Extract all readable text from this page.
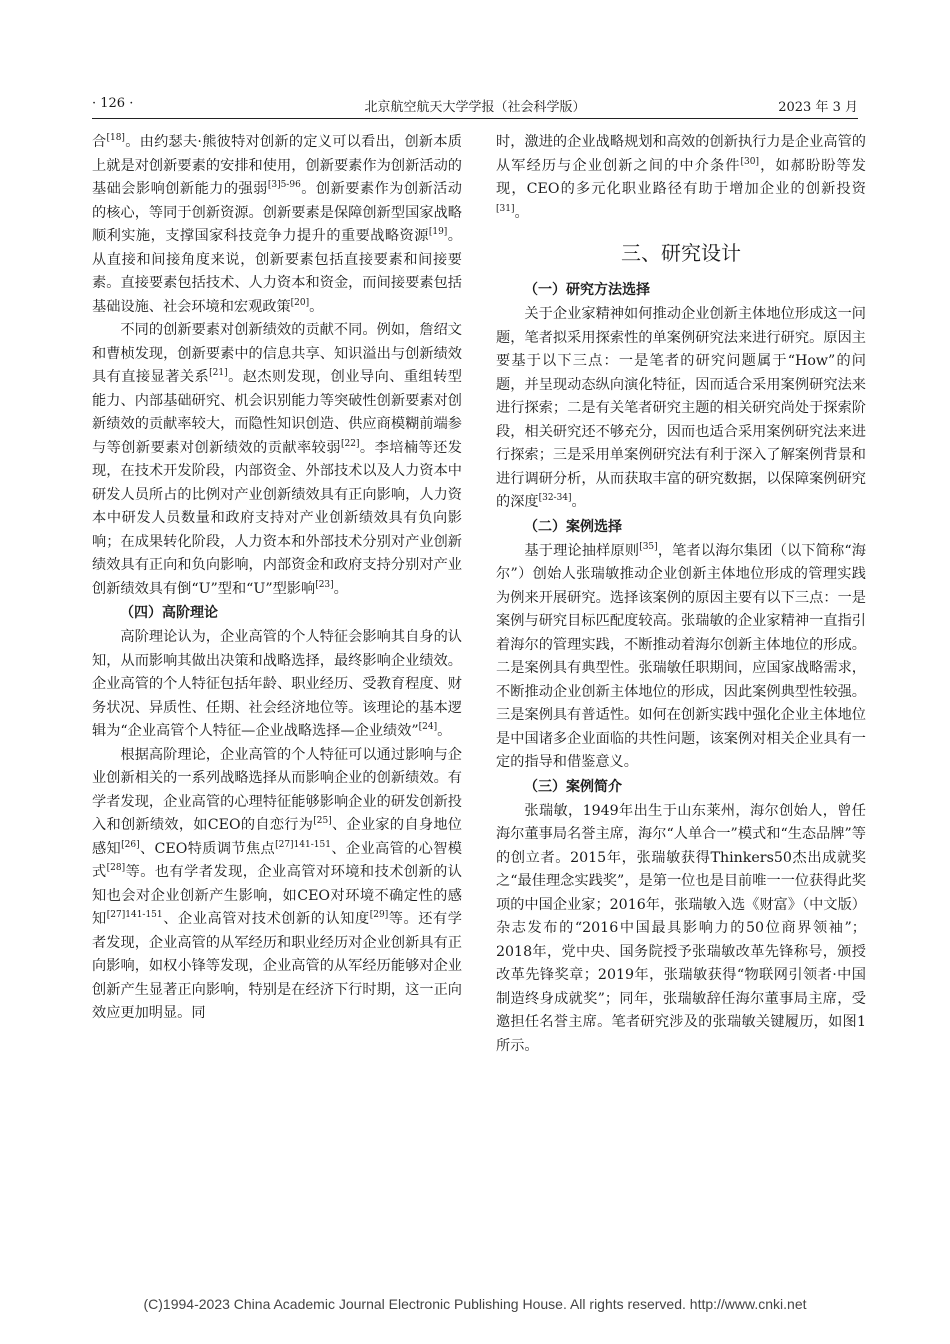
· 126 ·	北京航空航天大学学报（社会科学版）	2023 年 3 月

合[18]。由约瑟夫·熊彼特对创新的定义可以看出，创新本质上就是对创新要素的安排和使用，创新要素作为创新活动的基础会影响创新能力的强弱$^{[3]5-96}$。创新要素作为创新活动的核心，等同于创新资源。创新要素是保障创新型国家战略顺利实施，支撑国家科技竞争力提升的重要战略资源[19]。从直接和间接角度来说，创新要素包括直接要素和间接要素。直接要素包括技术、人力资本和资金，而间接要素包括基础设施、社会环境和宏观政策[20]。

不同的创新要素对创新绩效的贡献不同。例如，詹绍文和曹桢发现，创新要素中的信息共享、知识溢出与创新绩效具有直接显著关系[21]。赵杰则发现，创业导向、重组转型能力、内部基础研究、机会识别能力等突破性创新要素对创新绩效的贡献率较大，而隐性知识创造、供应商模糊前端参与等创新要素对创新绩效的贡献率较弱[22]。李培楠等还发现，在技术开发阶段，内部资金、外部技术以及人力资本中研发人员所占的比例对产业创新绩效具有正向影响，人力资本中研发人员数量和政府支持对产业创新绩效具有负向影响；在成果转化阶段，人力资本和外部技术分别对产业创新绩效具有正向和负向影响，内部资金和政府支持分别对产业创新绩效具有倒“U”型和“U”型影响[23]。

（四）高阶理论

高阶理论认为，企业高管的个人特征会影响其自身的认知，从而影响其做出决策和战略选择，最终影响企业绩效。企业高管的个人特征包括年龄、职业经历、受教育程度、财务状况、异质性、任期、社会经济地位等。该理论的基本逻辑为“企业高管个人特征—企业战略选择—企业绩效”[24]。

根据高阶理论，企业高管的个人特征可以通过影响与企业创新相关的一系列战略选择从而影响企业的创新绩效。有学者发现，企业高管的心理特征能够影响企业的研发创新投入和创新绩效，如CEO的自恋行为[25]、企业家的自身地位感知[26]、CEO特质调节焦点$^{[27]141-151}$、企业高管的心智模式[28]等。也有学者发现，企业高管对环境和技术创新的认知也会对企业创新产生影响，如CEO对环境不确定性的感知$^{[27]141-151}$、企业高管对技术创新的认知度[29]等。还有学者发现，企业高管的从军经历和职业经历对企业创新具有正向影响，如权小锋等发现，企业高管的从军经历能够对企业创新产生显著正向影响，特别是在经济下行时期，这一正向效应更加明显。同

时，激进的企业战略规划和高效的创新执行力是企业高管的从军经历与企业创新之间的中介条件[30]，如郝盼盼等发现，CEO的多元化职业路径有助于增加企业的创新投资[31]。

三、研究设计
（一）研究方法选择

关于企业家精神如何推动企业创新主体地位形成这一问题，笔者拟采用探索性的单案例研究法来进行研究。原因主要基于以下三点：一是笔者的研究问题属于“How”的问题，并呈现动态纵向演化特征，因而适合采用案例研究法来进行探索；二是有关笔者研究主题的相关研究尚处于探索阶段，相关研究还不够充分，因而也适合采用案例研究法来进行探索；三是采用单案例研究法有利于深入了解案例背景和进行调研分析，从而获取丰富的研究数据，以保障案例研究的深度[32-34]。

（二）案例选择

基于理论抽样原则[35]，笔者以海尔集团（以下简称“海尔”）创始人张瑞敏推动企业创新主体地位形成的管理实践为例来开展研究。选择该案例的原因主要有以下三点：一是案例与研究目标匹配度较高。张瑞敏的企业家精神一直指引着海尔的管理实践，不断推动着海尔创新主体地位的形成。二是案例具有典型性。张瑞敏任职期间，应国家战略需求，不断推动企业创新主体地位的形成，因此案例典型性较强。三是案例具有普适性。如何在创新实践中强化企业主体地位是中国诸多企业面临的共性问题，该案例对相关企业具有一定的指导和借鉴意义。

（三）案例简介

张瑞敏，1949年出生于山东莱州，海尔创始人，曾任海尔董事局名誉主席，海尔“人单合一”模式和“生态品牌”等的创立者。2015年，张瑞敏获得Thinkers50杰出成就奖之“最佳理念实践奖”，是第一位也是目前唯一一位获得此奖项的中国企业家；2016年，张瑞敏入选《财富》（中文版）杂志发布的“2016中国最具影响力的50位商界领袖”；2018年，党中央、国务院授予张瑞敏改革先锋称号，颁授改革先锋奖章；2019年，张瑞敏获得“物联网引领者·中国制造终身成就奖”；同年，张瑞敏辞任海尔董事局主席，受邀担任名誉主席。笔者研究涉及的张瑞敏关键履历，如图1所示。

(C)1994-2023 China Academic Journal Electronic Publishing House. All rights reserved. http://www.cnki.net
